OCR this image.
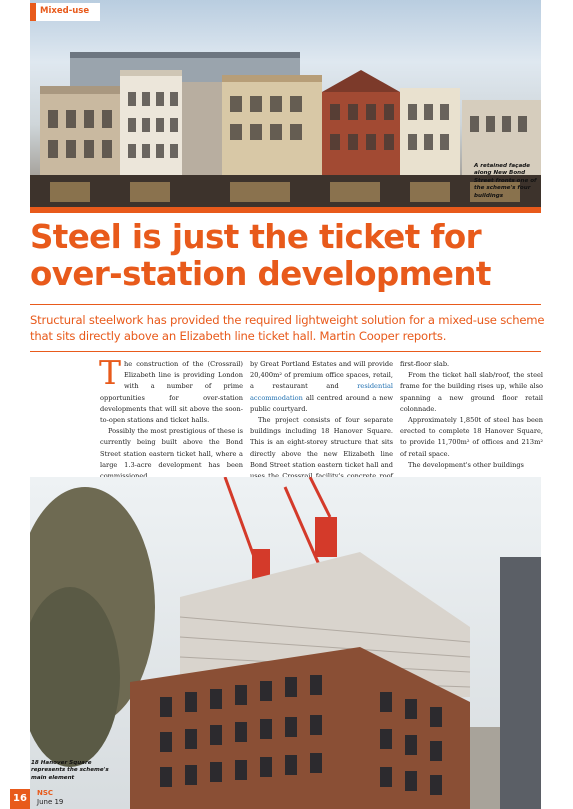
Mixed-use
A retained façade along New Bond Street fronts one of the scheme's four buildings
Steel is just the ticket for over-station development
Structural steelwork has provided the required lightweight solution for a mixed-use scheme that sits directly above an Elizabeth line ticket hall. Martin Cooper reports.

The construction of the (Crossrail) Elizabeth line is providing London with a number of prime opportunities for over-station developments that will sit above the soon-to-open stations and ticket halls.

Possibly the most prestigious of these is currently being built above the Bond Street station eastern ticket hall, where a large 1.3-acre development has been

by Great Portland Estates and will provide 20,400m² of premium office spaces, retail, a restaurant and residential accommodation all centred around a new public courtyard.

The project consists of four separate buildings including 18 Hanover Square. This is an eight-storey structure that sits directly above the new Elizabeth line Bond Street station eastern ticket hall and

first-floor slab.

From the ticket hall slab/roof, the steel frame for the building rises up, while also spanning a new ground floor retail colonnade.

Approximately 1,850t of steel has been erected to complete 18 Hanover Square, to provide 11,700m² of offices and 213m² of retail space.

The development's other buildings

18 Hanover Square represents the scheme's main element
16	NSC
June 19
